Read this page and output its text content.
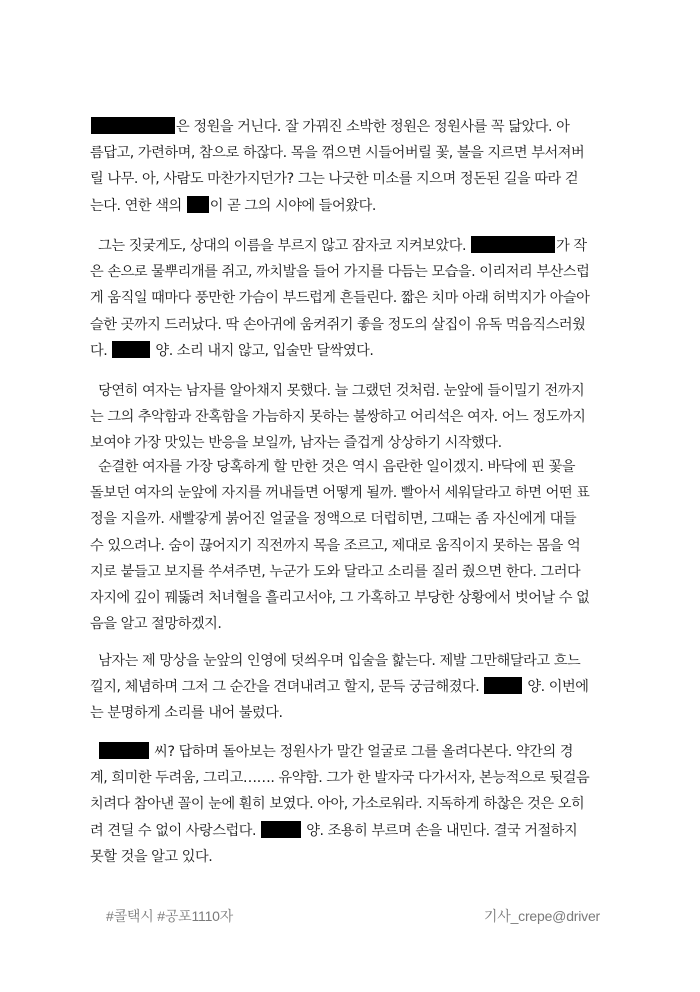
은 정원을 거닌다. 잘 가꿔진 소박한 정원은 정원사를 꼭 닮았다. 아
름답고, 가련하며, 참으로 하잖다. 목을 꺾으면 시들어버릴 꽃, 불을 지르면 부서져버
릴 나무. 아, 사람도 마찬가지던가? 그는 나긋한 미소를 지으며 정돈된 길을 따라 걷
는다. 연한 색의 이 곧 그의 시야에 들어왔다.
그는 짓궂게도, 상대의 이름을 부르지 않고 잠자코 지켜보았다.	가 작
은 손으로 물뿌리개를 쥐고, 까치발을 들어 가지를 다듬는 모습을. 이리저리 부산스럽
게 움직일 때마다 풍만한 가슴이 부드럽게 흔들린다. 짧은 치마 아래 허벅지가 아슬아
슬한 곳까지 드러났다. 딱 손아귀에 움켜쥐기 좋을 정도의 살집이 유독 먹음직스러웠
다.	양. 소리 내지 않고, 입술만 달싹였다.
당연히 여자는 남자를 알아채지 못했다. 늘 그랬던 것처럼. 눈앞에 들이밀기 전까지
는 그의 추악함과 잔혹함을 가늠하지 못하는 불쌍하고 어리석은 여자. 어느 정도까지
보여야 가장 맛있는 반응을 보일까, 남자는 즐겁게 상상하기 시작했다.
순결한 여자를 가장 당혹하게 할 만한 것은 역시 음란한 일이겠지. 바닥에 핀 꽃을
돌보던 여자의 눈앞에 자지를 꺼내들면 어떻게 될까. 빨아서 세워달라고 하면 어떤 표
정을 지을까. 새빨갛게 붉어진 얼굴을 정액으로 더럽히면, 그때는 좀 자신에게 대들
수 있으려나. 숨이 끊어지기 직전까지 목을 조르고, 제대로 움직이지 못하는 몸을 억
지로 붙들고 보지를 쑤셔주면, 누군가 도와 달라고 소리를 질러 줬으면 한다. 그러다
자지에 깊이 꿰뚫려 처녀혈을 흘리고서야, 그 가혹하고 부당한 상황에서 벗어날 수 없
음을 알고 절망하겠지.
남자는 제 망상을 눈앞의 인영에 덧씌우며 입술을 핥는다. 제발 그만해달라고 흐느
낄지, 체념하며 그저 그 순간을 견뎌내려고 할지, 문득 궁금해졌다.	양. 이번에
는 분명하게 소리를 내어 불렀다.
씨? 답하며 돌아보는 정원사가 말간 얼굴로 그를 올려다본다. 약간의 경
계, 희미한 두려움, 그리고……. 유약함. 그가 한 발자국 다가서자, 본능적으로 뒷걸음
치려다 참아낸 꼴이 눈에 훤히 보였다. 아아, 가소로워라. 지독하게 하찮은 것은 오히
려 견딜 수 없이 사랑스럽다.	양. 조용히 부르며 손을 내민다. 결국 거절하지
못할 것을 알고 있다.
#콜택시 #공포1110자	기사_crepe@driver
